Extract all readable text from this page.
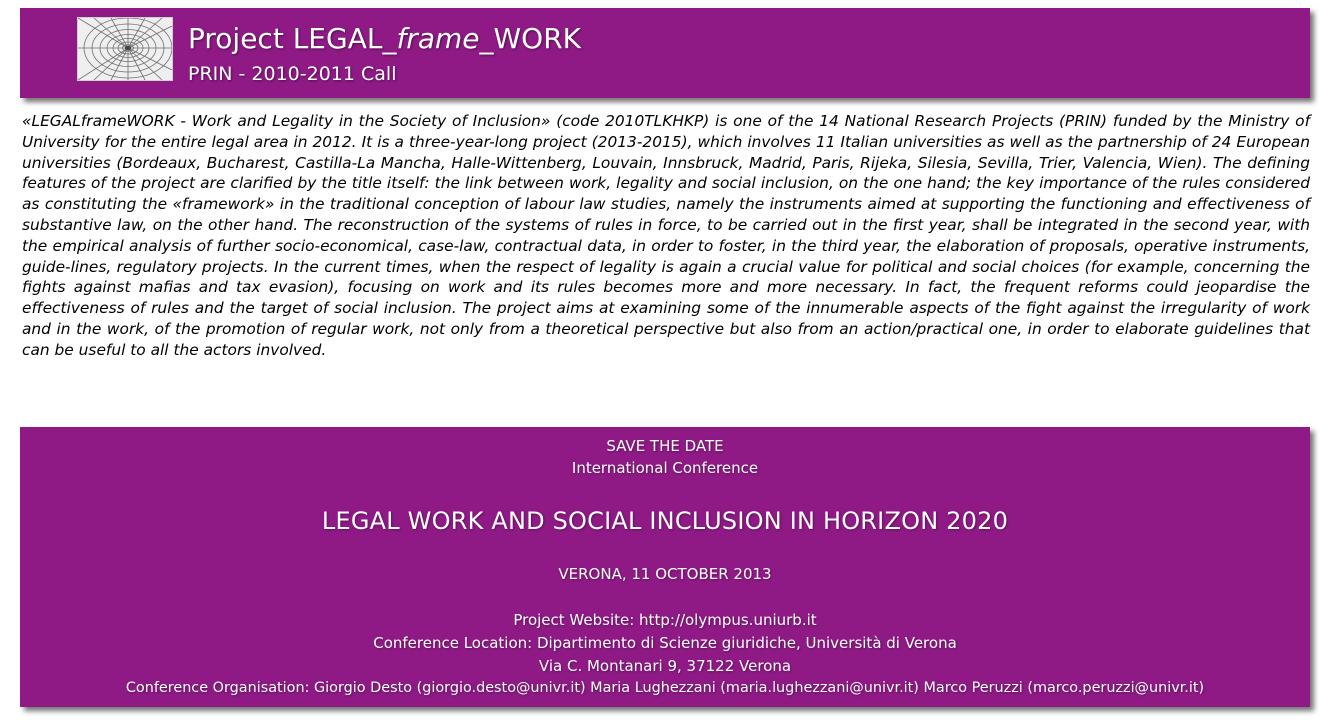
Project LEGAL_frame_WORK
PRIN - 2010-2011 Call

«LEGALframeWORK - Work and Legality in the Society of Inclusion» (code 2010TLKHKP) is one of the 14 National Research Projects (PRIN) funded by the Ministry of University for the entire legal area in 2012. It is a three-year-long project (2013-2015), which involves 11 Italian universities as well as the partnership of 24 European universities (Bordeaux, Bucharest, Castilla-La Mancha, Halle-Wittenberg, Louvain, Innsbruck, Madrid, Paris, Rijeka, Silesia, Sevilla, Trier, Valencia, Wien). The defining features of the project are clarified by the title itself: the link between work, legality and social inclusion, on the one hand; the key importance of the rules considered as constituting the «framework» in the traditional conception of labour law studies, namely the instruments aimed at supporting the functioning and effectiveness of substantive law, on the other hand. The reconstruction of the systems of rules in force, to be carried out in the first year, shall be integrated in the second year, with the empirical analysis of further socio-economical, case-law, contractual data, in order to foster, in the third year, the elaboration of proposals, operative instruments, guide-lines, regulatory projects. In the current times, when the respect of legality is again a crucial value for political and social choices (for example, concerning the fights against mafias and tax evasion), focusing on work and its rules becomes more and more necessary. In fact, the frequent reforms could jeopardise the effectiveness of rules and the target of social inclusion. The project aims at examining some of the innumerable aspects of the fight against the irregularity of work and in the work, of the promotion of regular work, not only from a theoretical perspective but also from an action/practical one, in order to elaborate guidelines that can be useful to all the actors involved.

SAVE THE DATE
International Conference
LEGAL WORK AND SOCIAL INCLUSION IN HORIZON 2020
VERONA, 11 OCTOBER 2013
Project Website: http://olympus.uniurb.it
Conference Location: Dipartimento di Scienze giuridiche, Università di Verona
Via C. Montanari 9, 37122 Verona
Conference Organisation: Giorgio Desto (giorgio.desto@univr.it) Maria Lughezzani (maria.lughezzani@univr.it) Marco Peruzzi (marco.peruzzi@univr.it)
